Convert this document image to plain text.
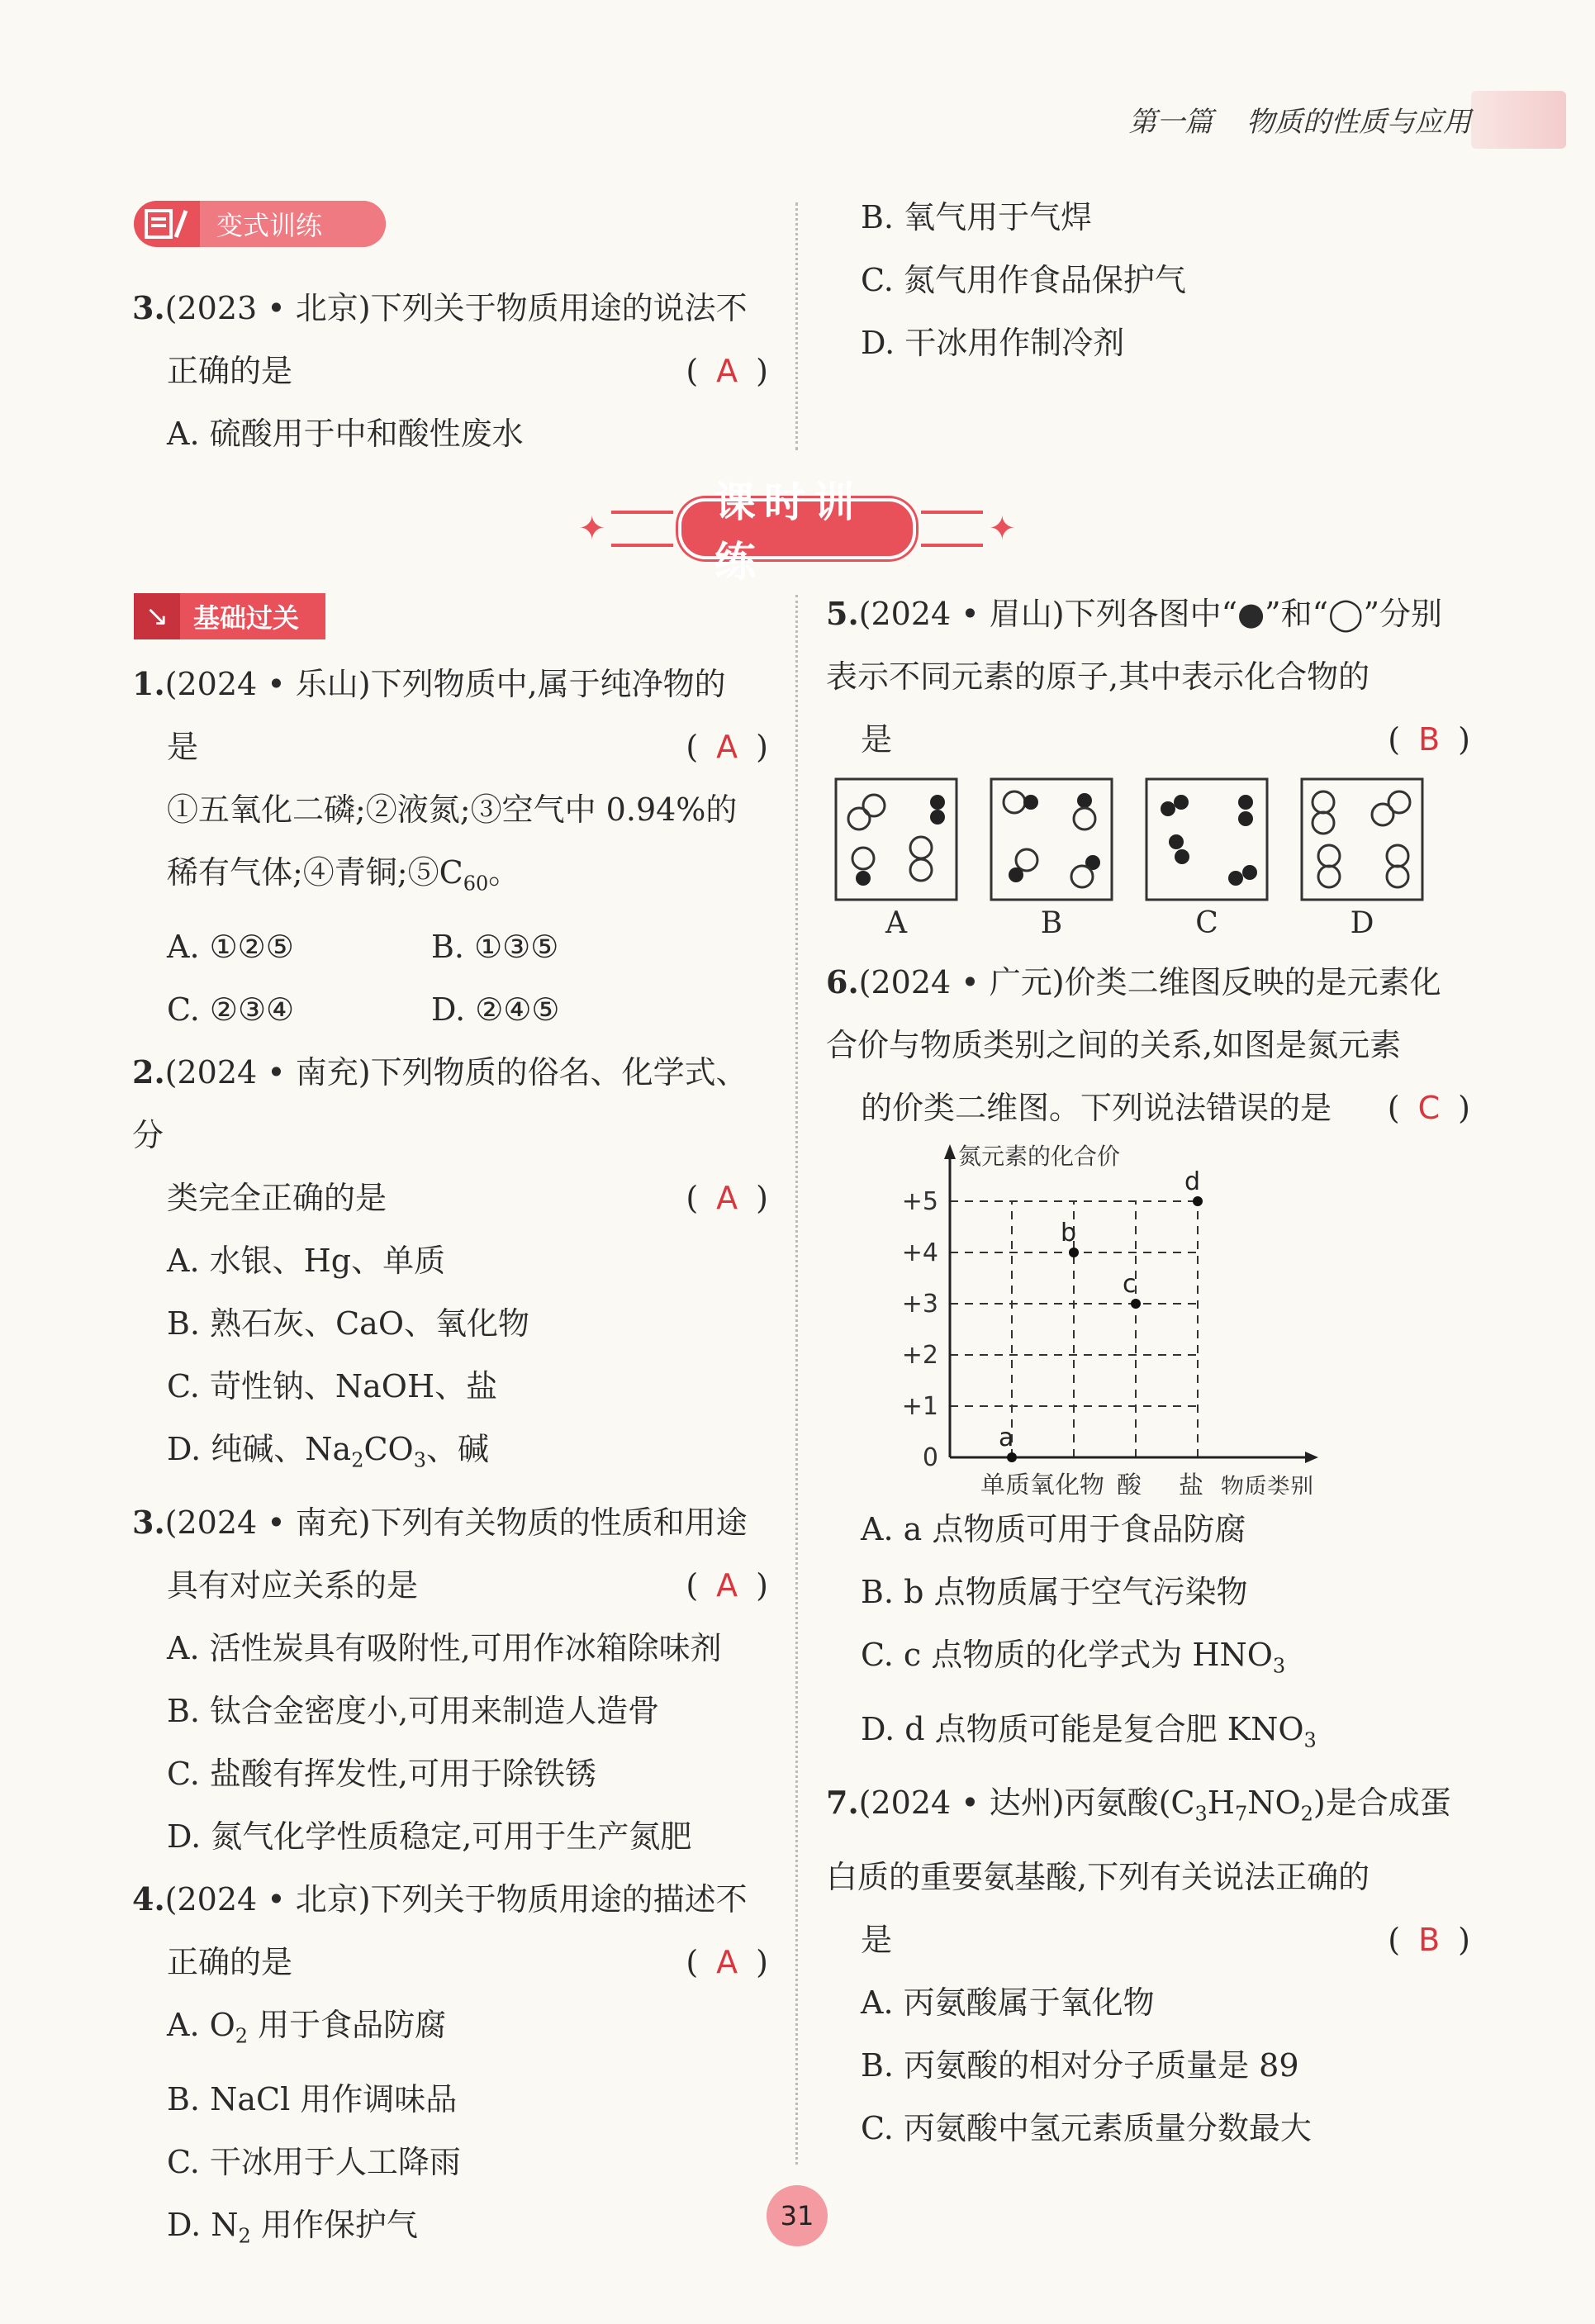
第一篇 物质的性质与应用
变式训练
3.(2023 • 北京)下列关于物质用途的说法不
正确的是	( A )
A. 硫酸用于中和酸性废水
B. 氧气用于气焊
C. 氮气用作食品保护气
D. 干冰用作制冷剂
✦
课时训练
✦
↘ 基础过关
1.(2024 • 乐山)下列物质中,属于纯净物的
是	( A )
①五氧化二磷;②液氮;③空气中 0.94%的
稀有气体;④青铜$;⑤C_{60}$。
A. ①②⑤	B. ①③⑤
C. ②③④	D. ②④⑤
2.(2024 • 南充)下列物质的俗名、化学式、分
类完全正确的是	( A )
A. 水银、Hg、单质
B. 熟石灰、CaO、氧化物
C. 苛性钠、NaOH、盐
D. 纯碱、$Na_2CO_3$、碱
3.(2024 • 南充)下列有关物质的性质和用途
具有对应关系的是	( A )
A. 活性炭具有吸附性,可用作冰箱除味剂
B. 钛合金密度小,可用来制造人造骨
C. 盐酸有挥发性,可用于除铁锈
D. 氮气化学性质稳定,可用于生产氮肥
4.(2024 • 北京)下列关于物质用途的描述不
正确的是	( A )
A. $O_2$ 用于食品防腐
B. NaCl 用作调味品
C. 干冰用于人工降雨
D. $N_2$ 用作保护气
5.(2024 • 眉山)下列各图中“●”和“◯”分别
表示不同元素的原子,其中表示化合物的
是	( B )
A	B	C	D
6.(2024 • 广元)价类二维图反映的是元素化
合价与物质类别之间的关系,如图是氮元素
的价类二维图。下列说法错误的是 ( C )
氮元素的化合价
物质类别
0
+1
+2
+3
+4
+5
单质 氧化物 酸 盐
a
b
c
d
A. a 点物质可用于食品防腐
B. b 点物质属于空气污染物
C. c 点物质的化学式为 $HNO_3$
D. d 点物质可能是复合肥 $KNO_3$
7.(2024 • 达州)丙氨酸$(C_3H_7NO_2)$是合成蛋
白质的重要氨基酸,下列有关说法正确的
是	( B )
A. 丙氨酸属于氧化物
B. 丙氨酸的相对分子质量是 89
C. 丙氨酸中氢元素质量分数最大
31
